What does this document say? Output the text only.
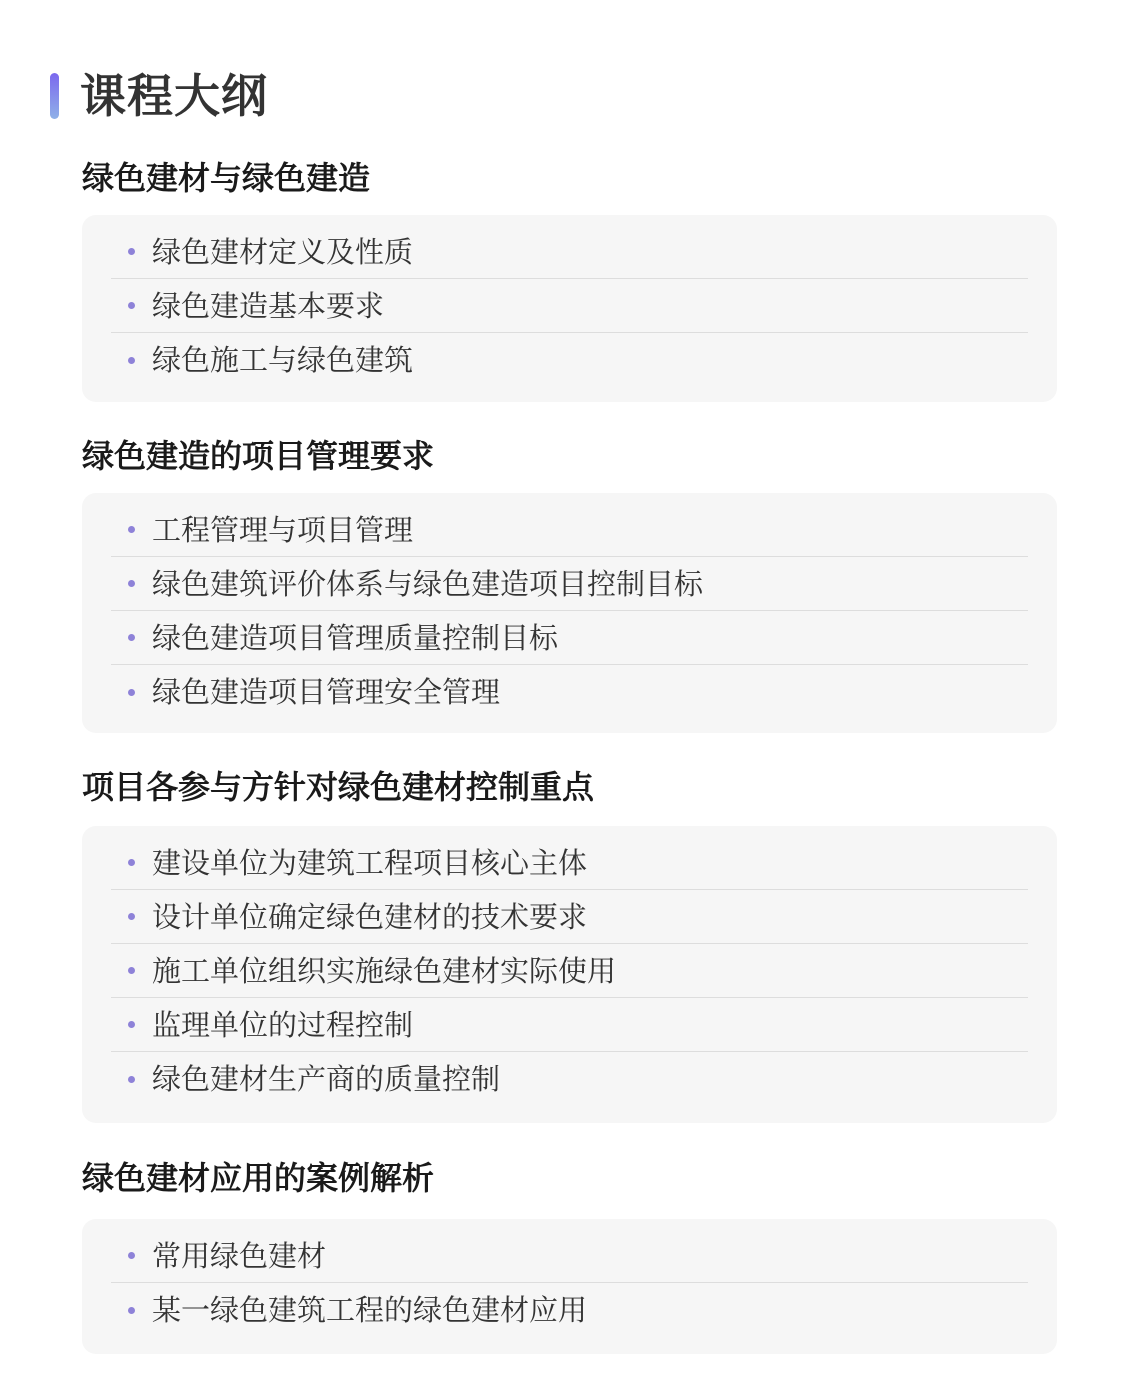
课程大纲
绿色建材与绿色建造
绿色建材定义及性质
绿色建造基本要求
绿色施工与绿色建筑
绿色建造的项目管理要求
工程管理与项目管理
绿色建筑评价体系与绿色建造项目控制目标
绿色建造项目管理质量控制目标
绿色建造项目管理安全管理
项目各参与方针对绿色建材控制重点
建设单位为建筑工程项目核心主体
设计单位确定绿色建材的技术要求
施工单位组织实施绿色建材实际使用
监理单位的过程控制
绿色建材生产商的质量控制
绿色建材应用的案例解析
常用绿色建材
某一绿色建筑工程的绿色建材应用
